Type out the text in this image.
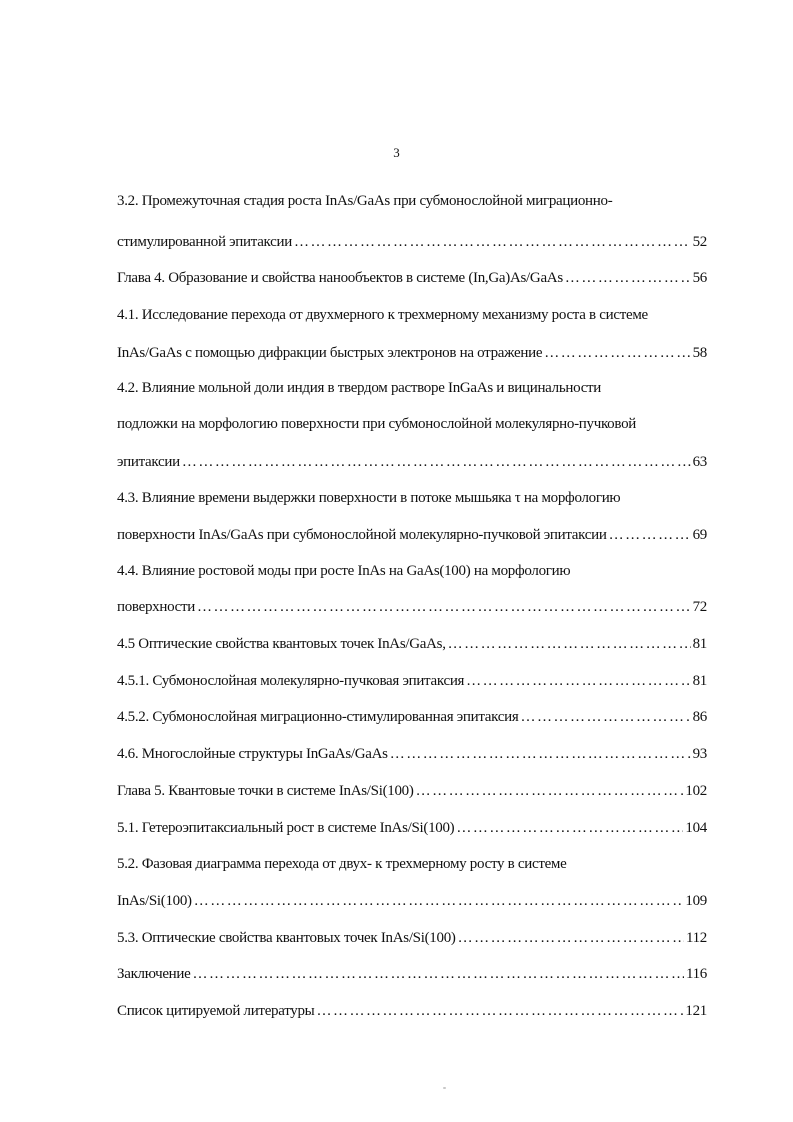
3
3.2. Промежуточная стадия роста InAs/GaAs при субмонослойной миграционно-
стимулированной эпитаксии ……………………………………………………………………………………………………………………………………………………………	52
Глава 4. Образование и свойства нанообъектов в системе (In,Ga)As/GaAs ……………………………………………………………………………………………………………………………………………………………	56
4.1. Исследование перехода от двухмерного к трехмерному механизму роста в системе
InAs/GaAs с помощью дифракции быстрых электронов на отражение ……………………………………………………………………………………………………………………………………………………………	58
4.2. Влияние мольной доли индия в твердом растворе InGaAs и вицинальности
подложки на морфологию поверхности при субмонослойной молекулярно-пучковой
эпитаксии ……………………………………………………………………………………………………………………………………………………………	63
4.3. Влияние времени выдержки поверхности в потоке мышьяка τ на морфологию
поверхности InAs/GaAs при субмонослойной молекулярно-пучковой эпитаксии ……………………………………………………………………………………………………………………………………………………………	69
4.4. Влияние ростовой моды при росте InAs на GaAs(100) на морфологию
поверхности ……………………………………………………………………………………………………………………………………………………………	72
4.5 Оптические свойства квантовых точек InAs/GaAs, ……………………………………………………………………………………………………………………………………………………………	81
4.5.1. Субмонослойная молекулярно-пучковая эпитаксия ……………………………………………………………………………………………………………………………………………………………	81
4.5.2. Субмонослойная миграционно-стимулированная эпитаксия ……………………………………………………………………………………………………………………………………………………………	86
4.6. Многослойные структуры InGaAs/GaAs ……………………………………………………………………………………………………………………………………………………………	93
Глава 5. Квантовые точки в системе InAs/Si(100) ……………………………………………………………………………………………………………………………………………………………	102
5.1. Гетероэпитаксиальный рост в системе InAs/Si(100) ……………………………………………………………………………………………………………………………………………………………	104
5.2. Фазовая диаграмма перехода от двух- к трехмерному росту в системе
InAs/Si(100) ……………………………………………………………………………………………………………………………………………………………	109
5.3. Оптические свойства квантовых точек InAs/Si(100) ……………………………………………………………………………………………………………………………………………………………	112
Заключение ……………………………………………………………………………………………………………………………………………………………	116
Список цитируемой литературы ……………………………………………………………………………………………………………………………………………………………	121
